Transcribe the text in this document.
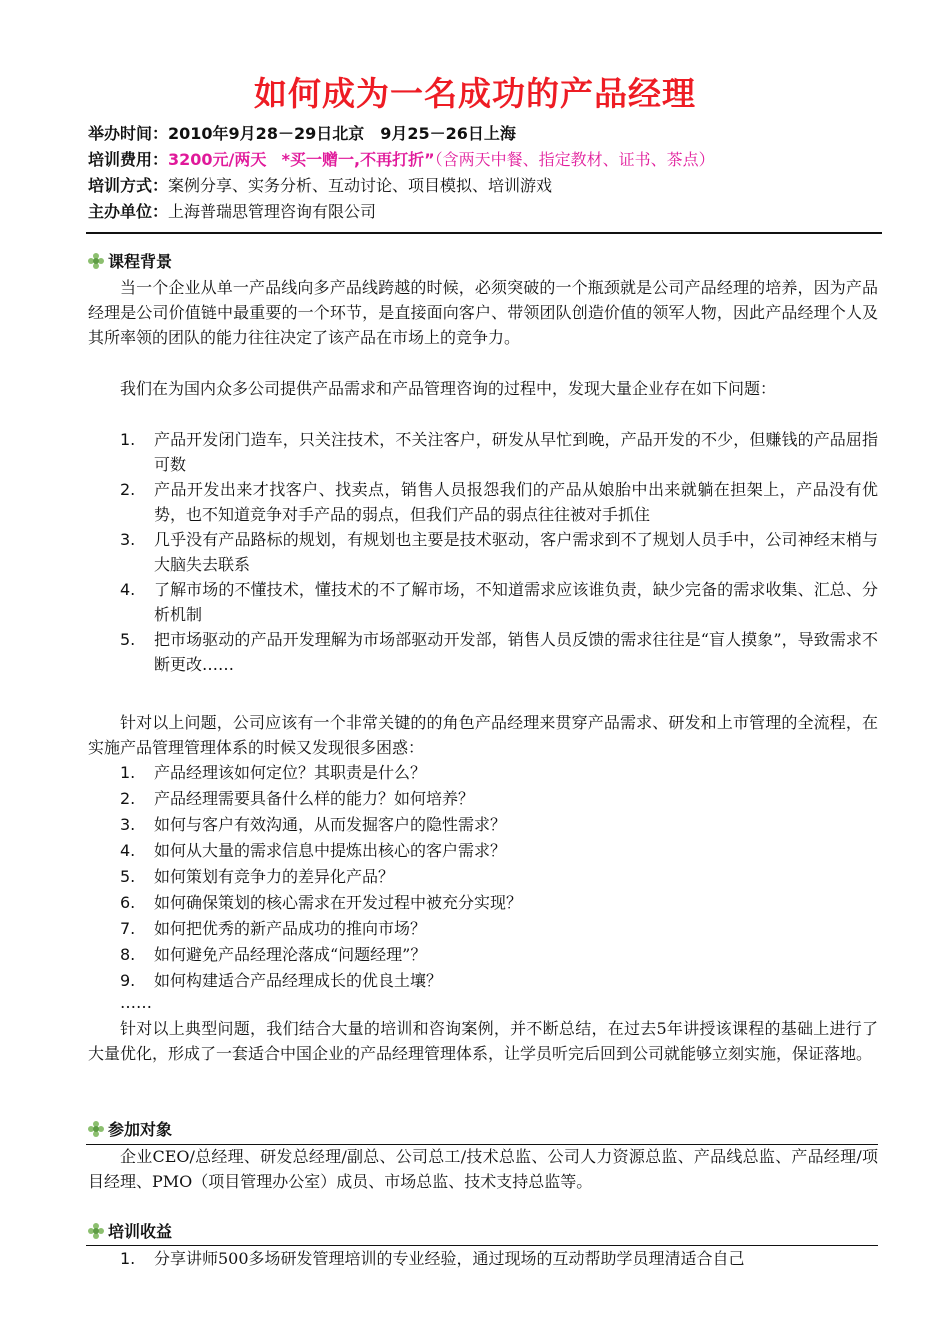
如何成为一名成功的产品经理
举办时间：2010年9月28－29日北京　9月25－26日上海
培训费用：3200元/两天 *买一赠一,不再打折”（含两天中餐、指定教材、证书、茶点）
培训方式：案例分享、实务分析、互动讨论、项目模拟、培训游戏
主办单位：上海普瑞思管理咨询有限公司
课程背景

当一个企业从单一产品线向多产品线跨越的时候，必须突破的一个瓶颈就是公司产品经理的培养，因为产品经理是公司价值链中最重要的一个环节，是直接面向客户、带领团队创造价值的领军人物，因此产品经理个人及其所率领的团队的能力往往决定了该产品在市场上的竞争力。

我们在为国内众多公司提供产品需求和产品管理咨询的过程中，发现大量企业存在如下问题：

1. 产品开发闭门造车，只关注技术，不关注客户，研发从早忙到晚，产品开发的不少，但赚钱的产品屈指可数
2. 产品开发出来才找客户、找卖点，销售人员报怨我们的产品从娘胎中出来就躺在担架上，产品没有优势，也不知道竞争对手产品的弱点，但我们产品的弱点往往被对手抓住
3. 几乎没有产品路标的规划，有规划也主要是技术驱动，客户需求到不了规划人员手中，公司神经末梢与大脑失去联系
4. 了解市场的不懂技术，懂技术的不了解市场，不知道需求应该谁负责，缺少完备的需求收集、汇总、分析机制
5. 把市场驱动的产品开发理解为市场部驱动开发部，销售人员反馈的需求往往是“盲人摸象”，导致需求不断更改……

针对以上问题，公司应该有一个非常关键的的角色产品经理来贯穿产品需求、研发和上市管理的全流程，在实施产品管理管理体系的时候又发现很多困惑：

1. 产品经理该如何定位？其职责是什么？
2. 产品经理需要具备什么样的能力？如何培养？
3. 如何与客户有效沟通，从而发掘客户的隐性需求？
4. 如何从大量的需求信息中提炼出核心的客户需求？
5. 如何策划有竞争力的差异化产品？
6. 如何确保策划的核心需求在开发过程中被充分实现？
7. 如何把优秀的新产品成功的推向市场？
8. 如何避免产品经理沦落成“问题经理”？
9. 如何构建适合产品经理成长的优良土壤？

……

针对以上典型问题，我们结合大量的培训和咨询案例，并不断总结，在过去5年讲授该课程的基础上进行了大量优化，形成了一套适合中国企业的产品经理管理体系，让学员听完后回到公司就能够立刻实施，保证落地。

参加对象

企业CEO/总经理、研发总经理/副总、公司总工/技术总监、公司人力资源总监、产品线总监、产品经理/项目经理、PMO（项目管理办公室）成员、市场总监、技术支持总监等。

培训收益
1. 分享讲师500多场研发管理培训的专业经验，通过现场的互动帮助学员理清适合自己
